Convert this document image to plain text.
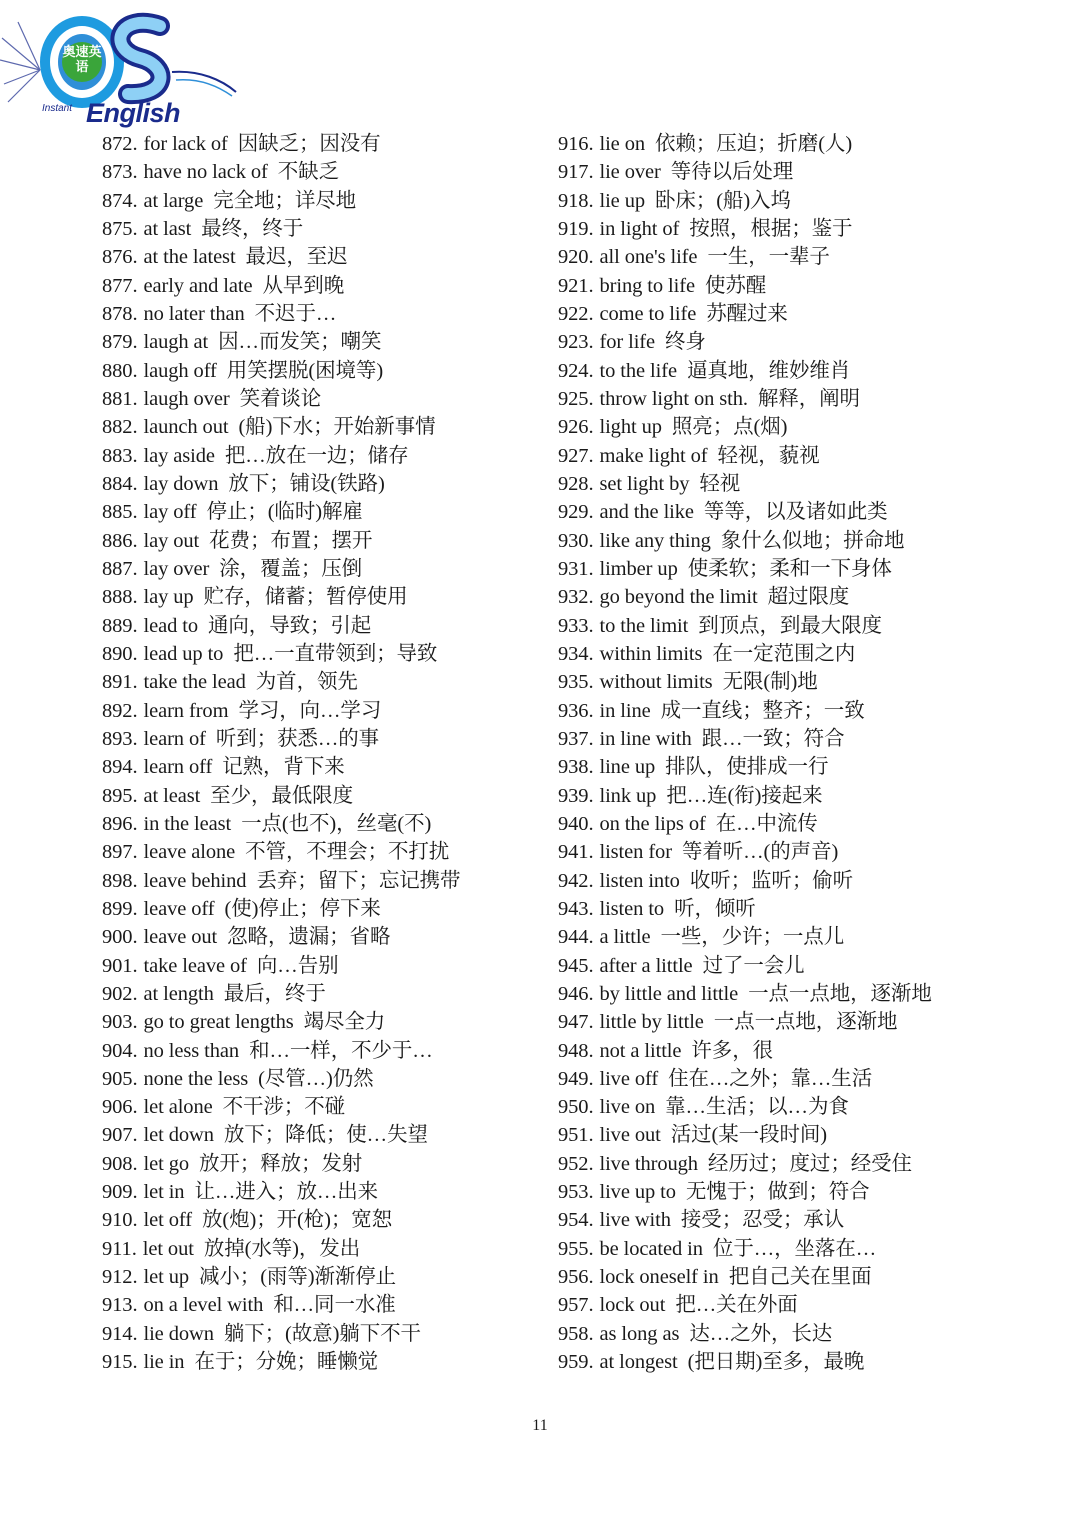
奥速英语
Instant English
872. for lack of 因缺乏；因没有
873. have no lack of 不缺乏
874. at large 完全地；详尽地
875. at last 最终，终于
876. at the latest 最迟，至迟
877. early and late 从早到晚
878. no later than 不迟于…
879. laugh at 因…而发笑；嘲笑
880. laugh off 用笑摆脱(困境等)
881. laugh over 笑着谈论
882. launch out (船)下水；开始新事情
883. lay aside 把…放在一边；储存
884. lay down 放下；铺设(铁路)
885. lay off 停止；(临时)解雇
886. lay out 花费；布置；摆开
887. lay over 涂，覆盖；压倒
888. lay up 贮存，储蓄；暂停使用
889. lead to 通向，导致；引起
890. lead up to 把…一直带领到；导致
891. take the lead 为首，领先
892. learn from 学习，向…学习
893. learn of 听到；获悉…的事
894. learn off 记熟，背下来
895. at least 至少，最低限度
896. in the least 一点(也不)，丝毫(不)
897. leave alone 不管，不理会；不打扰
898. leave behind 丢弃；留下；忘记携带
899. leave off (使)停止；停下来
900. leave out 忽略，遗漏；省略
901. take leave of 向…告别
902. at length 最后，终于
903. go to great lengths 竭尽全力
904. no less than 和…一样，不少于…
905. none the less (尽管…)仍然
906. let alone 不干涉；不碰
907. let down 放下；降低；使…失望
908. let go 放开；释放；发射
909. let in 让…进入；放…出来
910. let off 放(炮)；开(枪)；宽恕
911. let out 放掉(水等)，发出
912. let up 减小；(雨等)渐渐停止
913. on a level with 和…同一水准
914. lie down 躺下；(故意)躺下不干
915. lie in 在于；分娩；睡懒觉
916. lie on 依赖；压迫；折磨(人)
917. lie over 等待以后处理
918. lie up 卧床；(船)入坞
919. in light of 按照，根据；鉴于
920. all one's life 一生，一辈子
921. bring to life 使苏醒
922. come to life 苏醒过来
923. for life 终身
924. to the life 逼真地，维妙维肖
925. throw light on sth. 解释，阐明
926. light up 照亮；点(烟)
927. make light of 轻视，藐视
928. set light by 轻视
929. and the like 等等，以及诸如此类
930. like any thing 象什么似地；拼命地
931. limber up 使柔软；柔和一下身体
932. go beyond the limit 超过限度
933. to the limit 到顶点，到最大限度
934. within limits 在一定范围之内
935. without limits 无限(制)地
936. in line 成一直线；整齐；一致
937. in line with 跟…一致；符合
938. line up 排队，使排成一行
939. link up 把…连(衔)接起来
940. on the lips of 在…中流传
941. listen for 等着听…(的声音)
942. listen into 收听；监听；偷听
943. listen to 听，倾听
944. a little 一些，少许；一点儿
945. after a little 过了一会儿
946. by little and little 一点一点地，逐渐地
947. little by little 一点一点地，逐渐地
948. not a little 许多，很
949. live off 住在…之外；靠…生活
950. live on 靠…生活；以…为食
951. live out 活过(某一段时间)
952. live through 经历过；度过；经受住
953. live up to 无愧于；做到；符合
954. live with 接受；忍受；承认
955. be located in 位于…，坐落在…
956. lock oneself in 把自己关在里面
957. lock out 把…关在外面
958. as long as 达…之外，长达
959. at longest (把日期)至多，最晚
11
